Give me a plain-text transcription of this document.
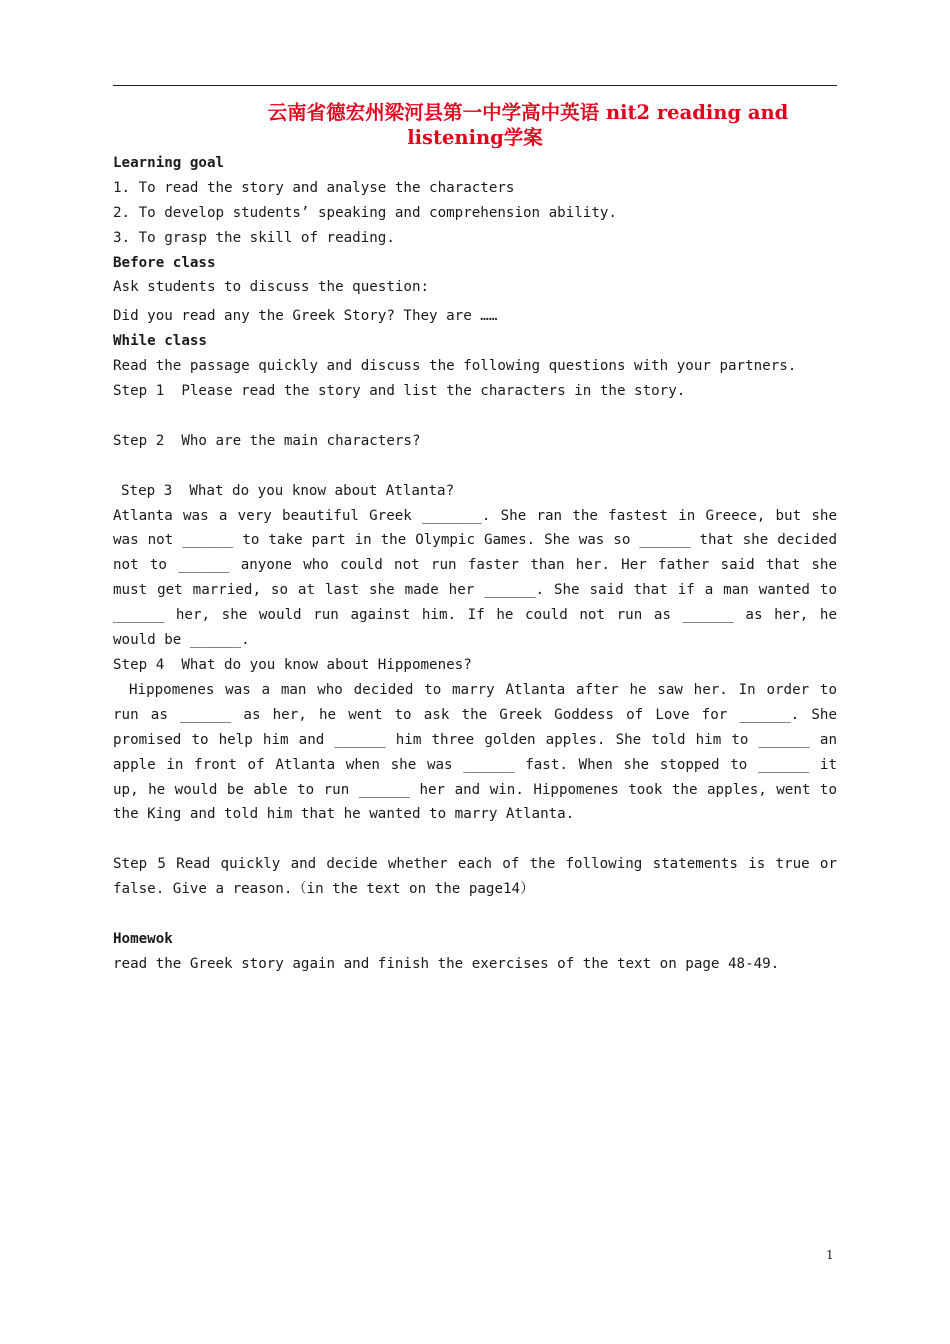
云南省德宏州梁河县第一中学高中英语 nit2 reading and
listening学案
Learning goal
1. To read the story and analyse the characters
2. To develop students’ speaking and comprehension ability.
3. To grasp the skill of reading.
Before class
Ask students to discuss the question:
Did you read any the Greek Story? They are ……
While class
Read the passage quickly and discuss the following questions with your partners.
Step 1  Please read the story and list the characters in the story.
Step 2  Who are the main characters?
Step 3  What do you know about Atlanta?

Atlanta was a very beautiful Greek _______. She ran the fastest in Greece, but she was not ______ to take part in the Olympic Games. She was so ______ that she decided not to ______ anyone who could not run faster than her. Her father said that she must get married, so at last she made her ______. She said that if a man wanted to ______ her, she would run against him. If he could not run as ______ as her, he would be ______.

Step 4  What do you know about Hippomenes?

Hippomenes was a man who decided to marry Atlanta after he saw her. In order to run as ______ as her, he went to ask the Greek Goddess of Love for ______. She promised to help him and ______ him three golden apples. She told him to ______ an apple in front of Atlanta when she was ______ fast. When she stopped to ______ it up, he would be able to run ______ her and win. Hippomenes took the apples, went to the King and told him that he wanted to marry Atlanta.

Step 5 Read quickly and decide whether each of the following statements is true or false. Give a reason.（in the text on the page14）

Homewok
read the Greek story again and finish the exercises of the text on page 48-49.
1
